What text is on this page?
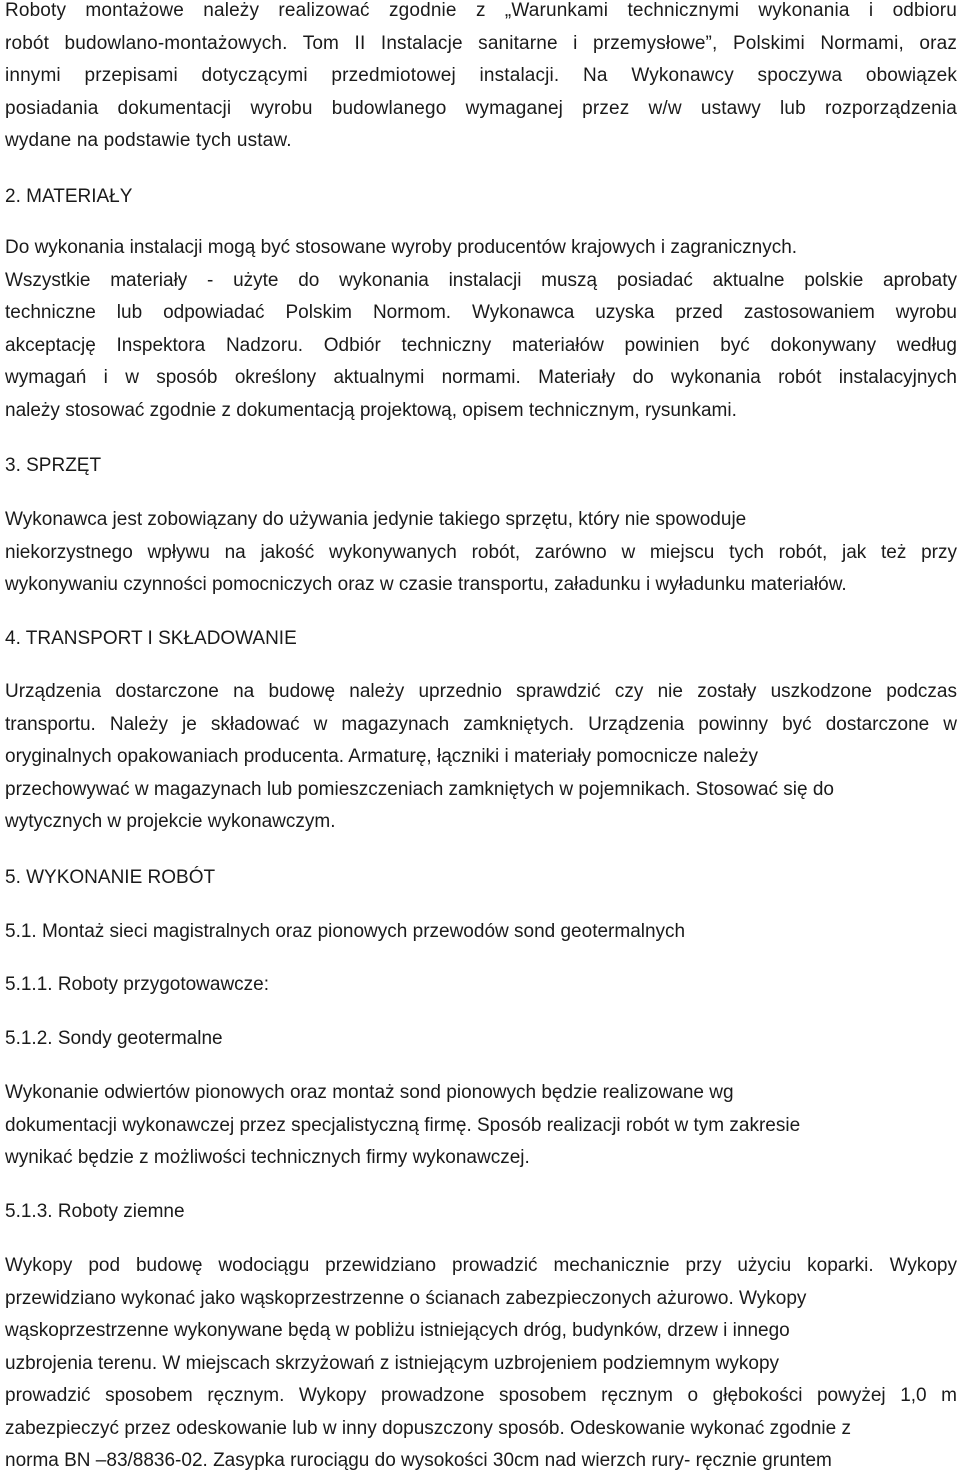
Roboty montażowe należy realizować zgodnie z „Warunkami technicznymi wykonania i odbioru
robót budowlano-montażowych. Tom II Instalacje sanitarne i przemysłowe”, Polskimi Normami, oraz
innymi przepisami dotyczącymi przedmiotowej instalacji. Na Wykonawcy spoczywa obowiązek
posiadania dokumentacji wyrobu budowlanego wymaganej przez w/w ustawy lub rozporządzenia
wydane na podstawie tych ustaw.
2. MATERIAŁY
Do wykonania instalacji mogą być stosowane wyroby producentów krajowych i zagranicznych.
Wszystkie materiały - użyte do wykonania instalacji muszą posiadać aktualne polskie aprobaty
techniczne lub odpowiadać Polskim Normom. Wykonawca uzyska przed zastosowaniem wyrobu
akceptację Inspektora Nadzoru. Odbiór techniczny materiałów powinien być dokonywany według
wymagań i w sposób określony aktualnymi normami. Materiały do wykonania robót instalacyjnych
należy stosować zgodnie z dokumentacją projektową, opisem technicznym, rysunkami.
3. SPRZĘT
Wykonawca jest zobowiązany do używania jedynie takiego sprzętu, który nie spowoduje
niekorzystnego wpływu na jakość wykonywanych robót, zarówno w miejscu tych robót, jak też przy
wykonywaniu czynności pomocniczych oraz w czasie transportu, załadunku i wyładunku materiałów.
4. TRANSPORT I SKŁADOWANIE
Urządzenia dostarczone na budowę należy uprzednio sprawdzić czy nie zostały uszkodzone podczas
transportu. Należy je składować w magazynach zamkniętych. Urządzenia powinny być dostarczone w
oryginalnych opakowaniach producenta. Armaturę, łączniki i materiały pomocnicze należy
przechowywać w magazynach lub pomieszczeniach zamkniętych w pojemnikach. Stosować się do
wytycznych w projekcie wykonawczym.
5. WYKONANIE ROBÓT
5.1. Montaż sieci magistralnych oraz pionowych przewodów sond geotermalnych
5.1.1. Roboty przygotowawcze:
5.1.2. Sondy geotermalne
Wykonanie odwiertów pionowych oraz montaż sond pionowych będzie realizowane wg
dokumentacji wykonawczej przez specjalistyczną firmę. Sposób realizacji robót w tym zakresie
wynikać będzie z możliwości technicznych firmy wykonawczej.
5.1.3. Roboty ziemne
Wykopy pod budowę wodociągu przewidziano prowadzić mechanicznie przy użyciu koparki. Wykopy
przewidziano wykonać jako wąskoprzestrzenne o ścianach zabezpieczonych ażurowo. Wykopy
wąskoprzestrzenne wykonywane będą w pobliżu istniejących dróg, budynków, drzew i innego
uzbrojenia terenu. W miejscach skrzyżowań z istniejącym uzbrojeniem podziemnym wykopy
prowadzić sposobem ręcznym. Wykopy prowadzone sposobem ręcznym o głębokości powyżej 1,0 m
zabezpieczyć przez odeskowanie lub w inny dopuszczony sposób. Odeskowanie wykonać zgodnie z
norma BN –83/8836-02. Zasypka rurociągu do wysokości 30cm nad wierzch rury- ręcznie gruntem
